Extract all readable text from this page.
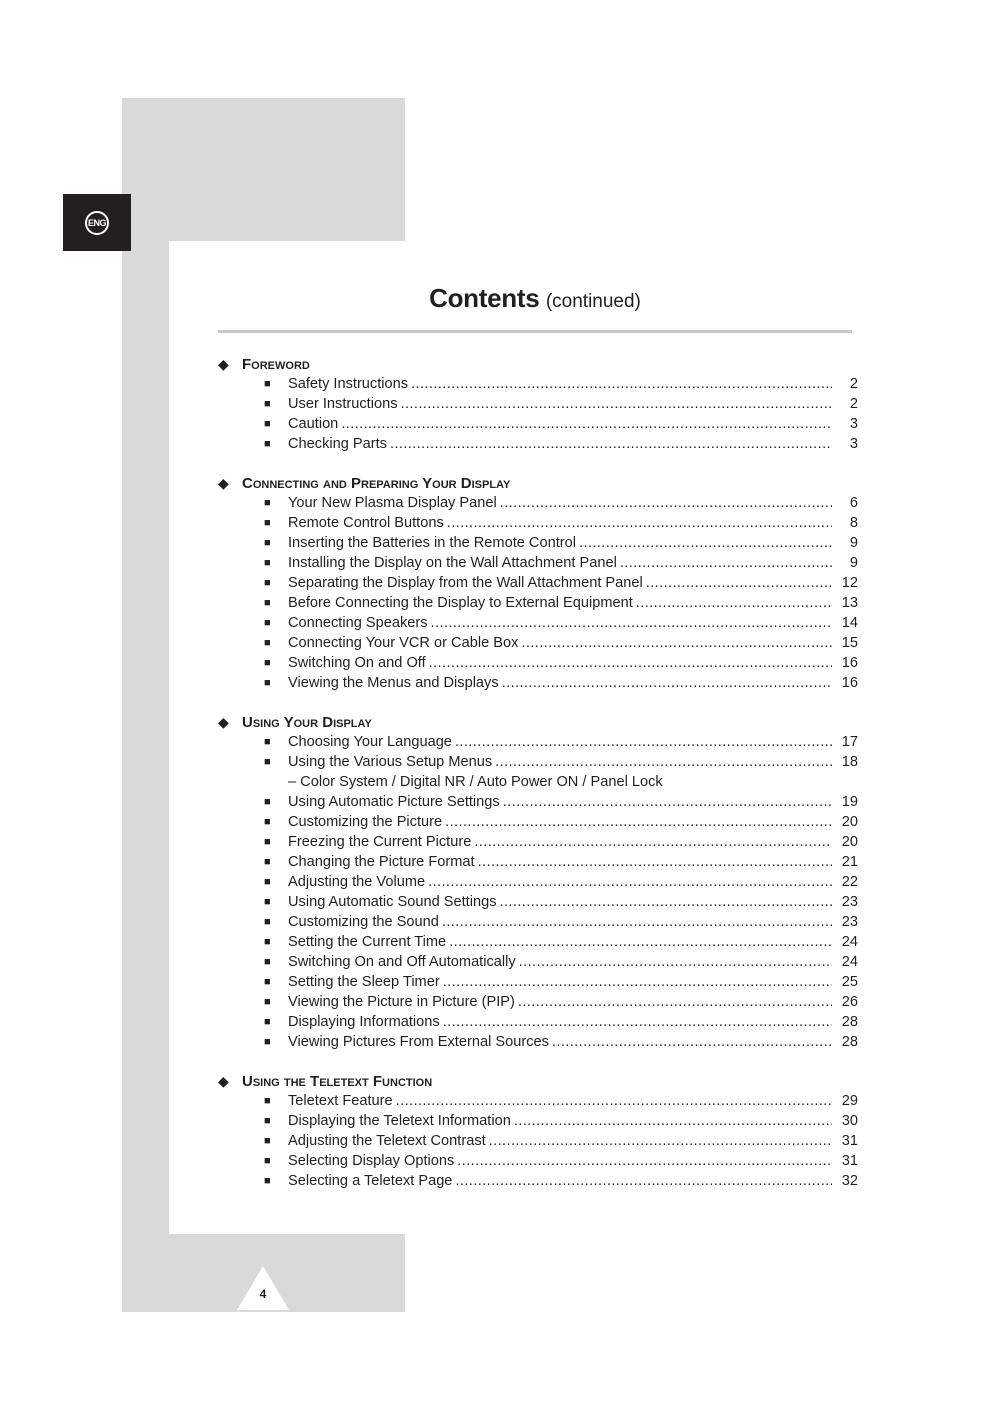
ENG
Contents (continued)
◆ Foreword
■ Safety Instructions .....	2
■ User Instructions .....	2
■ Caution .....	3
■ Checking Parts .....	3
◆ Connecting and Preparing Your Display
■ Your New Plasma Display Panel .....	6
■ Remote Control Buttons .....	8
■ Inserting the Batteries in the Remote Control .....	9
■ Installing the Display on the Wall Attachment Panel .....	9
■ Separating the Display from the Wall Attachment Panel .....	12
■ Before Connecting the Display to External Equipment .....	13
■ Connecting Speakers .....	14
■ Connecting Your VCR or Cable Box .....	15
■ Switching On and Off .....	16
■ Viewing the Menus and Displays .....	16
◆ Using Your Display
■ Choosing Your Language .....	17
■ Using the Various Setup Menus .....	18
– Color System / Digital NR / Auto Power ON / Panel Lock
■ Using Automatic Picture Settings .....	19
■ Customizing the Picture .....	20
■ Freezing the Current Picture .....	20
■ Changing the Picture Format .....	21
■ Adjusting the Volume .....	22
■ Using Automatic Sound Settings .....	23
■ Customizing the Sound .....	23
■ Setting the Current Time .....	24
■ Switching On and Off Automatically .....	24
■ Setting the Sleep Timer .....	25
■ Viewing the Picture in Picture (PIP) .....	26
■ Displaying Informations .....	28
■ Viewing Pictures From External Sources .....	28
◆ Using the Teletext Function
■ Teletext Feature .....	29
■ Displaying the Teletext Information .....	30
■ Adjusting the Teletext Contrast .....	31
■ Selecting Display Options .....	31
■ Selecting a Teletext Page .....	32
4
